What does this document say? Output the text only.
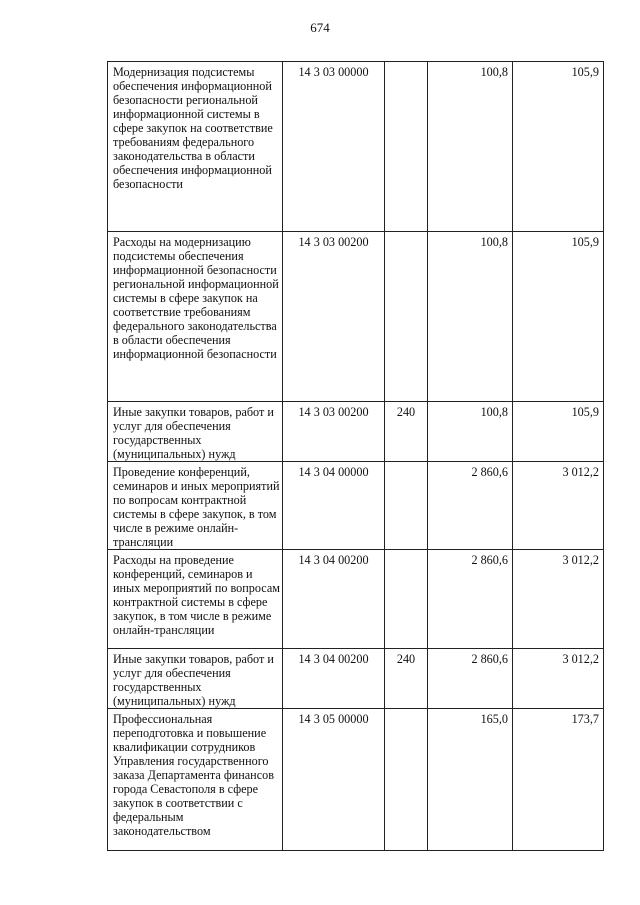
674
Модернизация подсистемы обеспечения информационной безопасности региональной информационной системы в сфере закупок на соответствие требованиям федерального законодательства в области обеспечения информационной безопасности	14 3 03 00000		100,8	105,9
Расходы на модернизацию подсистемы обеспечения информационной безопасности региональной информационной системы в сфере закупок на соответствие требованиям федерального законодательства в области обеспечения информационной безопасности	14 3 03 00200		100,8	105,9
Иные закупки товаров, работ и услуг для обеспечения государственных (муниципальных) нужд	14 3 03 00200	240	100,8	105,9
Проведение конференций, семинаров и иных мероприятий по вопросам контрактной системы в сфере закупок, в том числе в режиме онлайн-трансляции	14 3 04 00000		2 860,6	3 012,2
Расходы на проведение конференций, семинаров и иных мероприятий по вопросам контрактной системы в сфере закупок, в том числе в режиме онлайн-трансляции	14 3 04 00200		2 860,6	3 012,2
Иные закупки товаров, работ и услуг для обеспечения государственных (муниципальных) нужд	14 3 04 00200	240	2 860,6	3 012,2
Профессиональная переподготовка и повышение квалификации сотрудников Управления государственного заказа Департамента финансов города Севастополя в сфере закупок в соответствии с федеральным законодательством	14 3 05 00000		165,0	173,7
